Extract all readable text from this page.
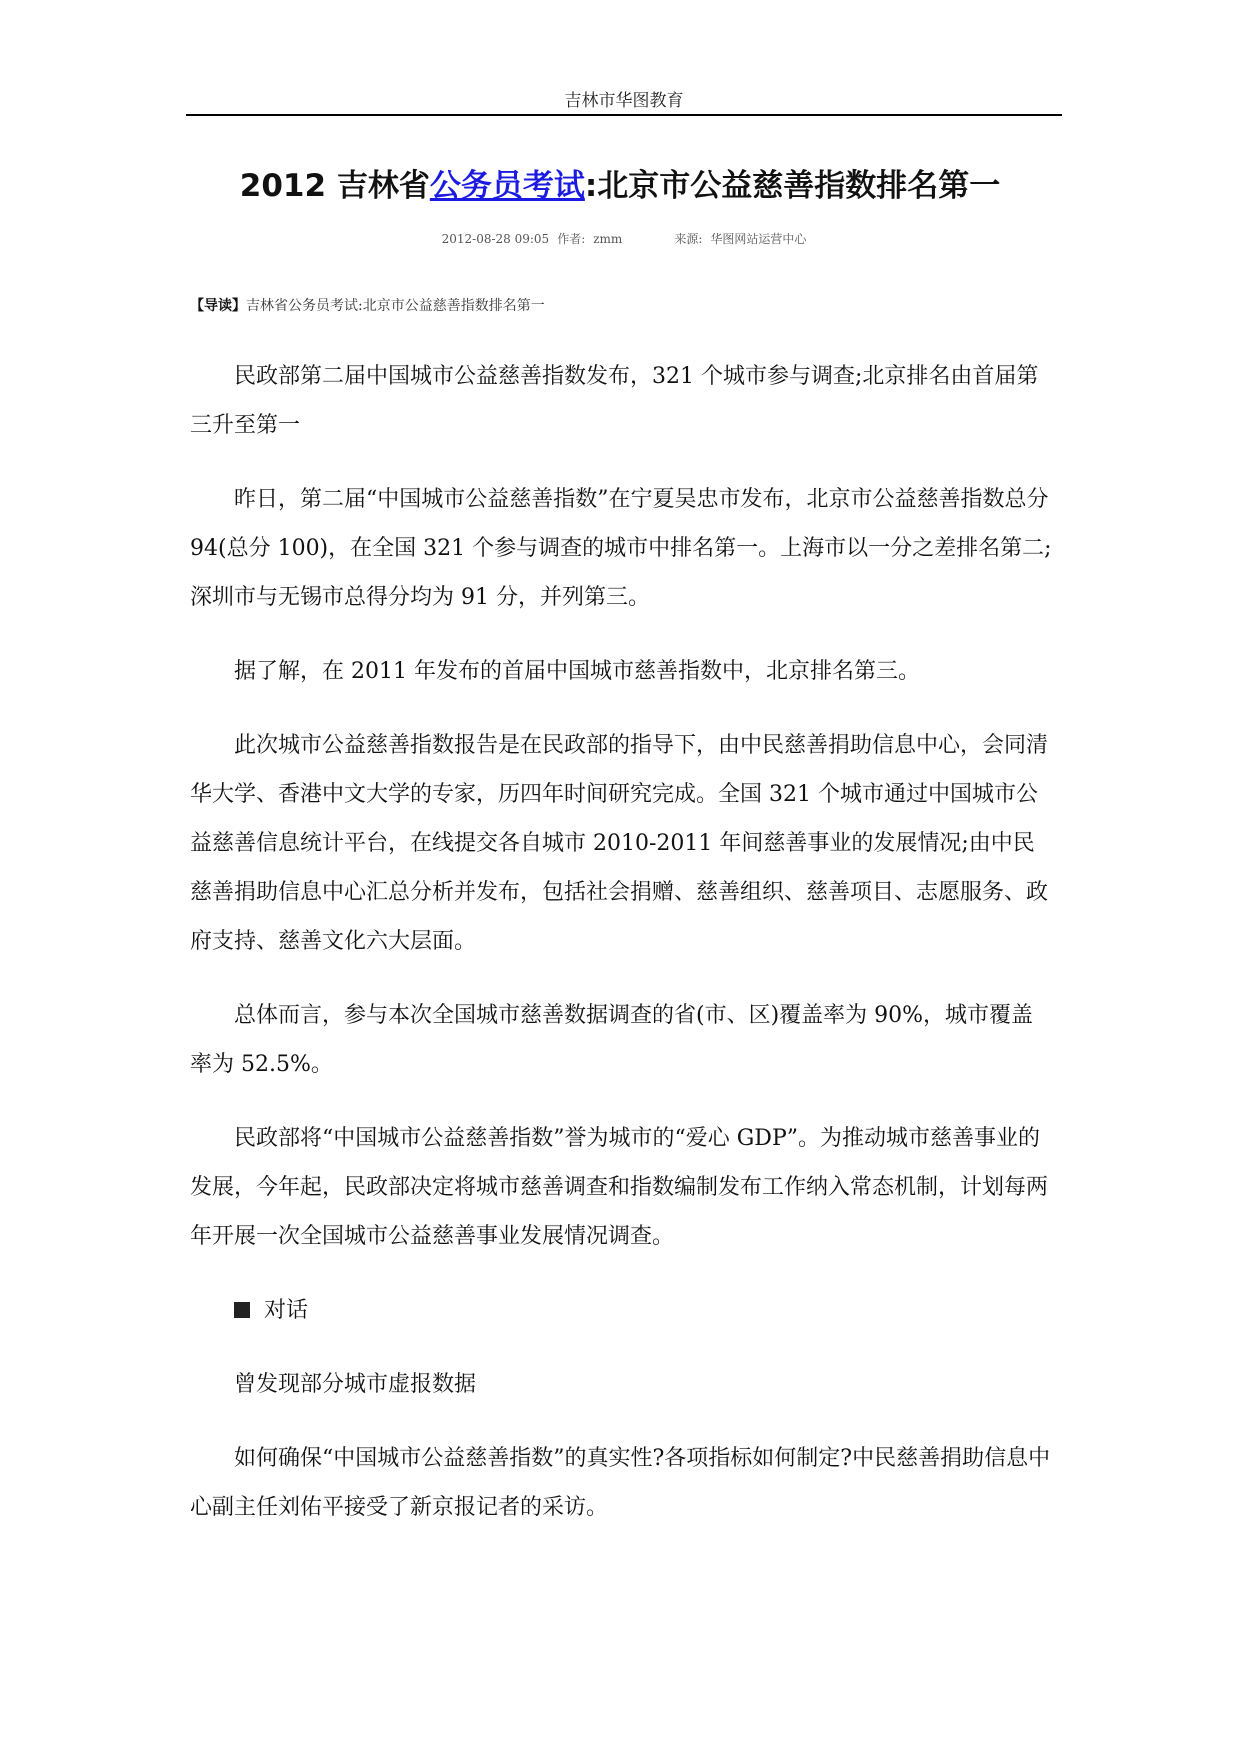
吉林市华图教育
2012 吉林省公务员考试:北京市公益慈善指数排名第一
2012-08-28 09:05 作者: zmm	来源: 华图网站运营中心
【导读】吉林省公务员考试:北京市公益慈善指数排名第一

民政部第二届中国城市公益慈善指数发布，321 个城市参与调查;北京排名由首届第三升至第一

昨日，第二届“中国城市公益慈善指数”在宁夏吴忠市发布，北京市公益慈善指数总分 94(总分 100)，在全国 321 个参与调查的城市中排名第一。上海市以一分之差排名第二;深圳市与无锡市总得分均为 91 分，并列第三。

据了解，在 2011 年发布的首届中国城市慈善指数中，北京排名第三。

此次城市公益慈善指数报告是在民政部的指导下，由中民慈善捐助信息中心，会同清华大学、香港中文大学的专家，历四年时间研究完成。全国 321 个城市通过中国城市公益慈善信息统计平台，在线提交各自城市 2010-2011 年间慈善事业的发展情况;由中民慈善捐助信息中心汇总分析并发布，包括社会捐赠、慈善组织、慈善项目、志愿服务、政府支持、慈善文化六大层面。

总体而言，参与本次全国城市慈善数据调查的省(市、区)覆盖率为 90%，城市覆盖率为 52.5%。

民政部将“中国城市公益慈善指数”誉为城市的“爱心 GDP”。为推动城市慈善事业的发展，今年起，民政部决定将城市慈善调查和指数编制发布工作纳入常态机制，计划每两年开展一次全国城市公益慈善事业发展情况调查。

对话

曾发现部分城市虚报数据

如何确保“中国城市公益慈善指数”的真实性?各项指标如何制定?中民慈善捐助信息中心副主任刘佑平接受了新京报记者的采访。
